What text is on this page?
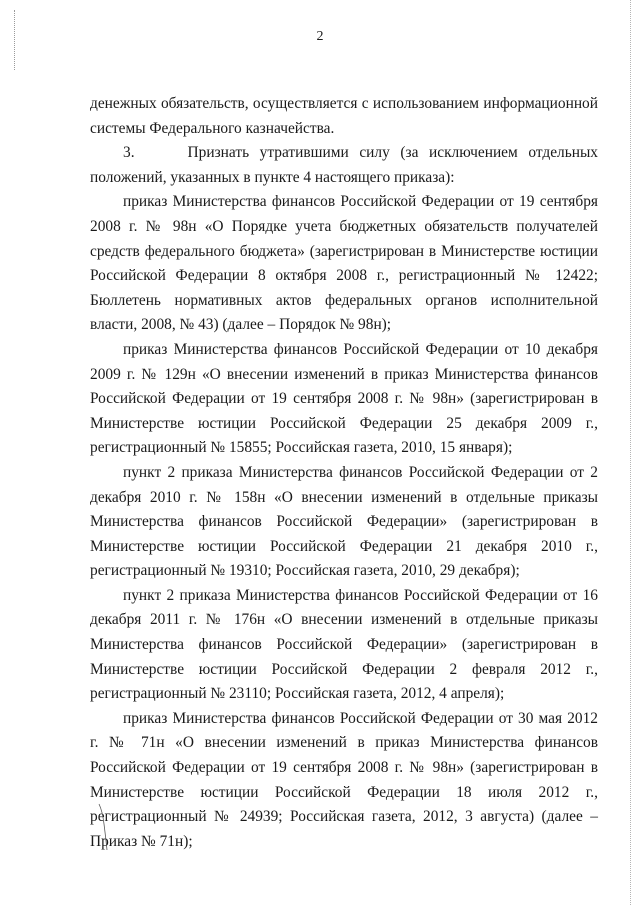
2

денежных обязательств, осуществляется с использованием информационной системы Федерального казначейства.

3.     Признать утратившими силу (за исключением отдельных положений, указанных в пункте 4 настоящего приказа):

приказ Министерства финансов Российской Федерации от 19 сентября 2008 г. № 98н «О Порядке учета бюджетных обязательств получателей средств федерального бюджета» (зарегистрирован в Министерстве юстиции Российской Федерации 8 октября 2008 г., регистрационный № 12422; Бюллетень нормативных актов федеральных органов исполнительной власти, 2008, № 43) (далее – Порядок № 98н);

приказ Министерства финансов Российской Федерации от 10 декабря 2009 г. № 129н «О внесении изменений в приказ Министерства финансов Российской Федерации от 19 сентября 2008 г. № 98н» (зарегистрирован в Министерстве юстиции Российской Федерации 25 декабря 2009 г., регистрационный № 15855; Российская газета, 2010, 15 января);

пункт 2 приказа Министерства финансов Российской Федерации от 2 декабря 2010 г. № 158н «О внесении изменений в отдельные приказы Министерства финансов Российской Федерации» (зарегистрирован в Министерстве юстиции Российской Федерации 21 декабря 2010 г., регистрационный № 19310; Российская газета, 2010, 29 декабря);

пункт 2 приказа Министерства финансов Российской Федерации от 16 декабря 2011 г. № 176н «О внесении изменений в отдельные приказы Министерства финансов Российской Федерации» (зарегистрирован в Министерстве юстиции Российской Федерации 2 февраля 2012 г., регистрационный № 23110; Российская газета, 2012, 4 апреля);

приказ Министерства финансов Российской Федерации от 30 мая 2012 г. № 71н «О внесении изменений в приказ Министерства финансов Российской Федерации от 19 сентября 2008 г. № 98н» (зарегистрирован в Министерстве юстиции Российской Федерации 18 июля 2012 г., регистрационный № 24939; Российская газета, 2012, 3 августа) (далее – Приказ № 71н);
